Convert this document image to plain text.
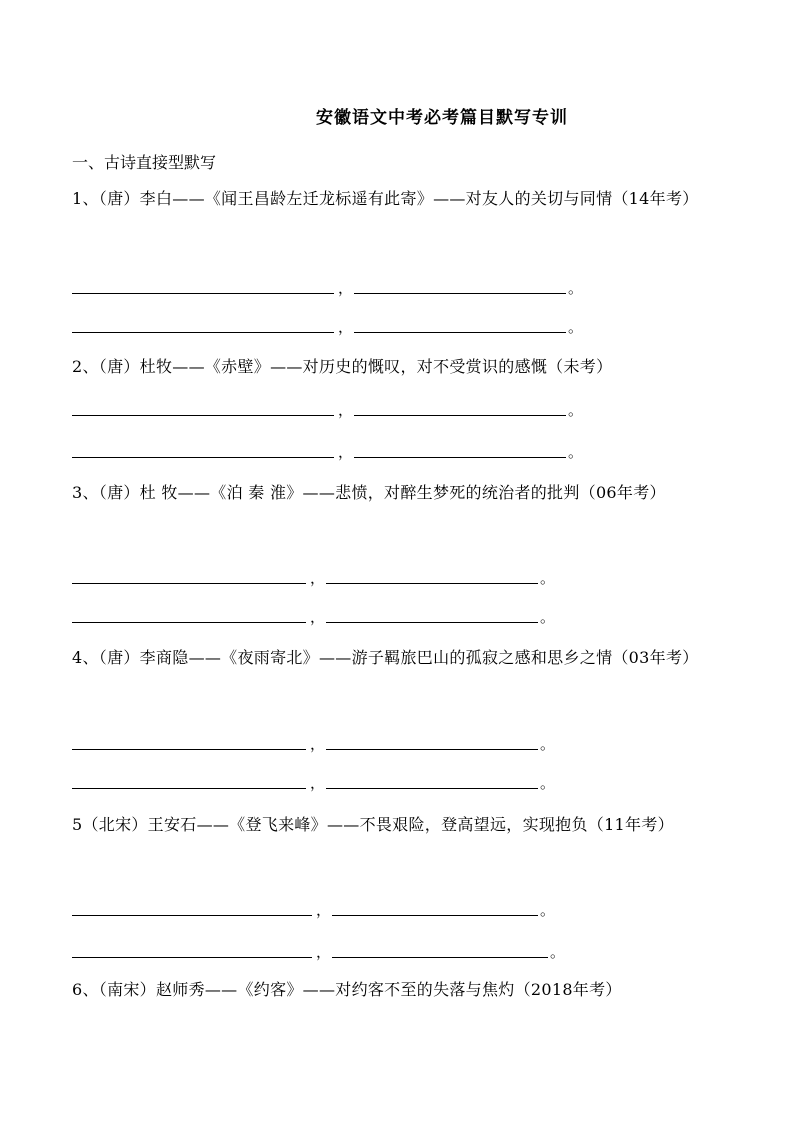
安徽语文中考必考篇目默写专训
一、古诗直接型默写
1、（唐）李白——《闻王昌龄左迁龙标遥有此寄》——对友人的关切与同情（14年考）
，	。
，	。
2、（唐）杜牧——《赤壁》——对历史的慨叹，对不受赏识的感慨（未考）
，	。
，	。
3、（唐）杜 牧——《泊 秦 淮》——悲愤，对醉生梦死的统治者的批判（06年考）
，	。
，	。
4、（唐）李商隐——《夜雨寄北》——游子羁旅巴山的孤寂之感和思乡之情（03年考）
，	。
，	。
5（北宋）王安石——《登飞来峰》——不畏艰险，登高望远，实现抱负（11年考）
，	。
，	。
6、（南宋）赵师秀——《约客》——对约客不至的失落与焦灼（2018年考）
